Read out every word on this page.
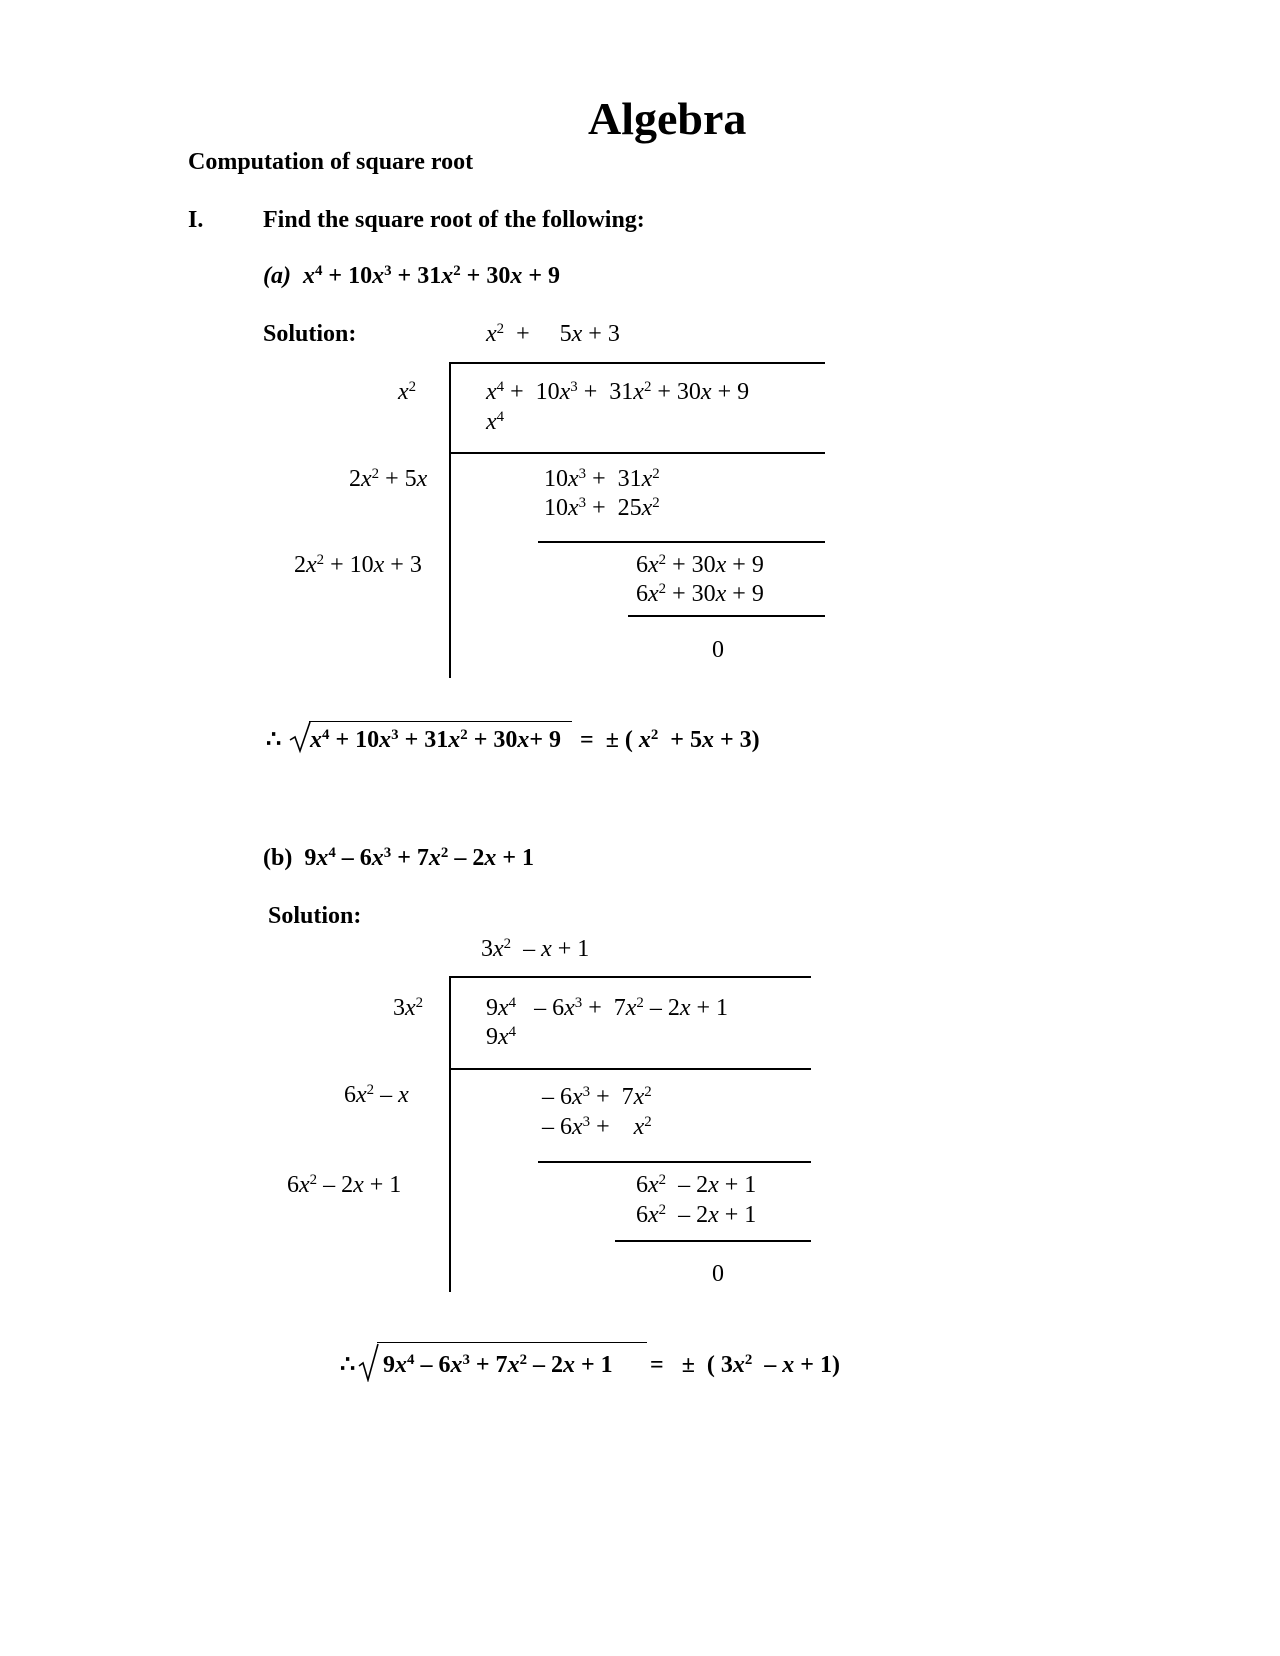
Algebra
Computation of square root
I. Find the square root of the following:
(a) $x^4 + 10x^3 + 31x^2 + 30x + 9$
Solution:	$x^2$  +     5x + 3
$x^2$
$2x^2 + 5x$
$2x^2 + 10x + 3$
$x^4 + 10x^3 + 31x^2 + 30x + 9$
$x^4$
$10x^3 + 31x^2$
$10x^3 + 25x^2$
$6x^2 + 30x + 9$
$6x^2 + 30x + 9$
0
∴ $x^4 + 10x^3 + 31x^2 + 30x+ 9$ = ± ( $x^2 + 5x + 3$)
(b)  $9x^4 - 6x^3 + 7x^2 - 2x + 1$
Solution:
$3x^2 - x + 1$
$3x^2$
$6x^2$ – x
$6x^2 - 2x + 1$
$9x^4 - 6x^3 + 7x^2 - 2x + 1$
$9x^4$
– $6x^3 + 7x^2$
– $6x^3$ +    $x^2$
$6x^2 - 2x + 1$
$6x^2 - 2x + 1$
0
∴ $9x^4 - 6x^3 + 7x^2 - 2x + 1$ = ±  ( $3x^2 - x + 1$)
